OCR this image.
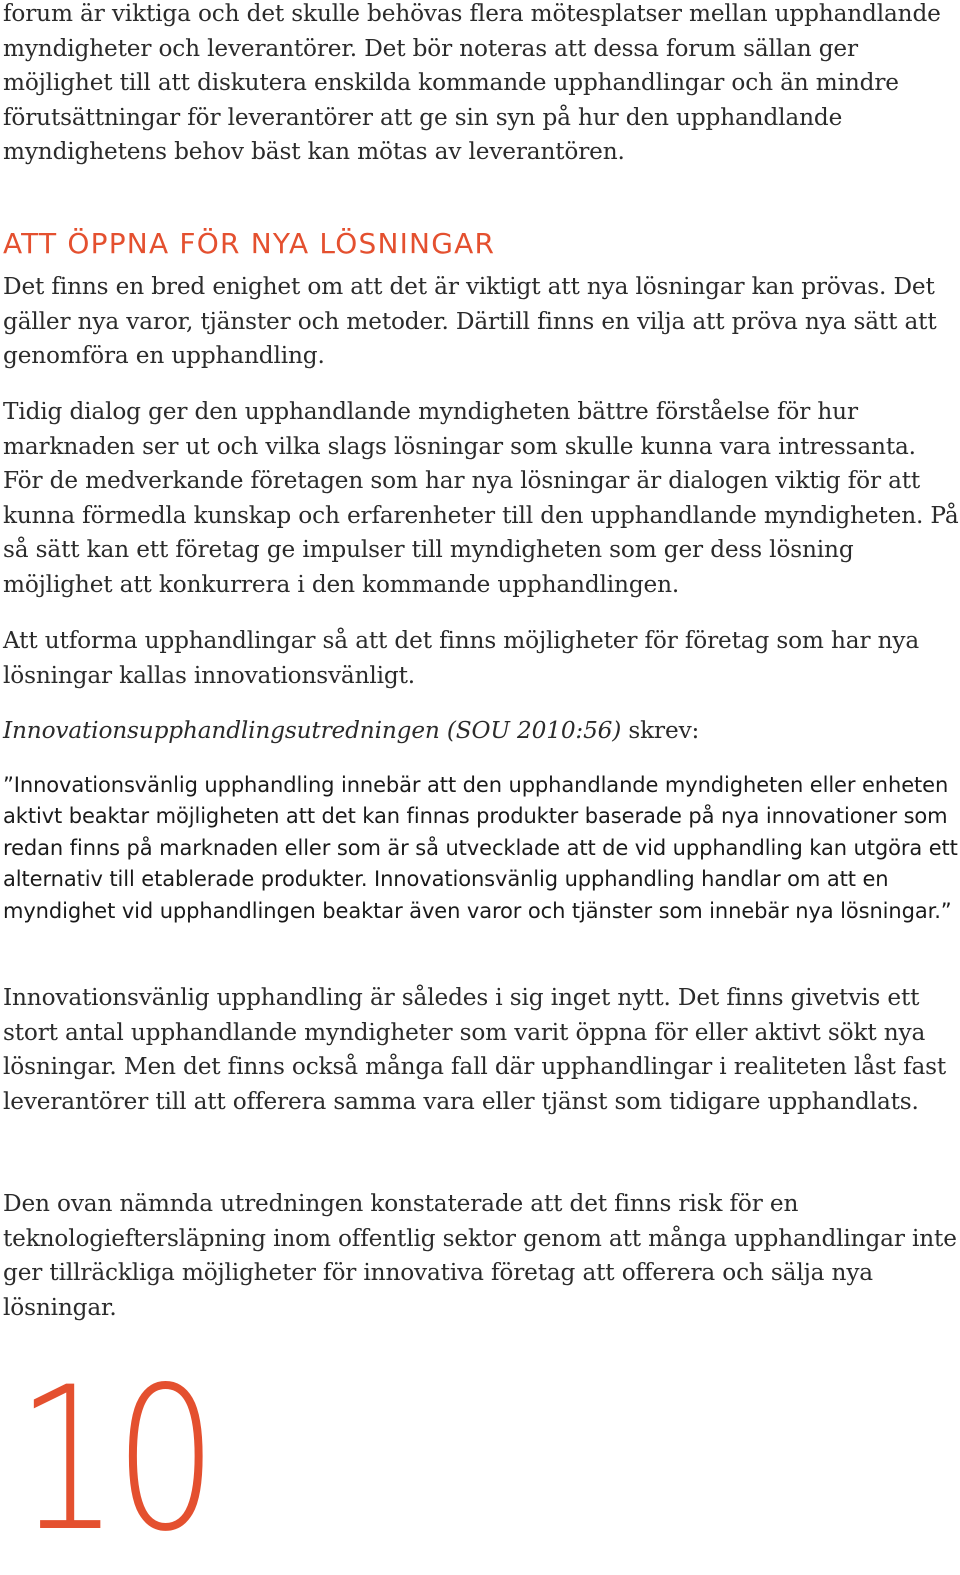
forum är viktiga och det skulle behövas flera mötesplatser mellan upphandlande myndigheter och leverantörer. Det bör noteras att dessa forum sällan ger möjlighet till att diskutera enskilda kommande upphandlingar och än mindre förutsättningar för leverantörer att ge sin syn på hur den upphandlande myndighetens behov bäst kan mötas av leverantören.

ATT ÖPPNA FÖR NYA LÖSNINGAR

Det finns en bred enighet om att det är viktigt att nya lösningar kan prövas. Det gäller nya varor, tjänster och metoder. Därtill finns en vilja att pröva nya sätt att genomföra en upphandling.

Tidig dialog ger den upphandlande myndigheten bättre förståelse för hur marknaden ser ut och vilka slags lösningar som skulle kunna vara intressanta. För de medverkande företagen som har nya lösningar är dialogen viktig för att kunna förmedla kunskap och erfarenheter till den upphandlande myndigheten. På så sätt kan ett företag ge impulser till myndigheten som ger dess lösning möjlighet att konkurrera i den kommande upphandlingen.

Att utforma upphandlingar så att det finns möjligheter för företag som har nya lösningar kallas innovationsvänligt.

Innovationsupphandlingsutredningen (SOU 2010:56) skrev:

”Innovationsvänlig upphandling innebär att den upphandlande myndigheten eller enheten aktivt beaktar möjligheten att det kan finnas produkter baserade på nya innovationer som redan finns på marknaden eller som är så utvecklade att de vid upphandling kan utgöra ett alternativ till etablerade produkter. Innovationsvänlig upphandling handlar om att en myndighet vid upphandlingen beaktar även varor och tjänster som innebär nya lösningar.”

Innovationsvänlig upphandling är således i sig inget nytt. Det finns givetvis ett stort antal upphandlande myndigheter som varit öppna för eller aktivt sökt nya lösningar. Men det finns också många fall där upphandlingar i realiteten låst fast leverantörer till att offerera samma vara eller tjänst som tidigare upphandlats.

Den ovan nämnda utredningen konstaterade att det finns risk för en teknologieftersläpning inom offentlig sektor genom att många upphandlingar inte ger tillräckliga möjligheter för innovativa företag att offerera och sälja nya lösningar.

10
